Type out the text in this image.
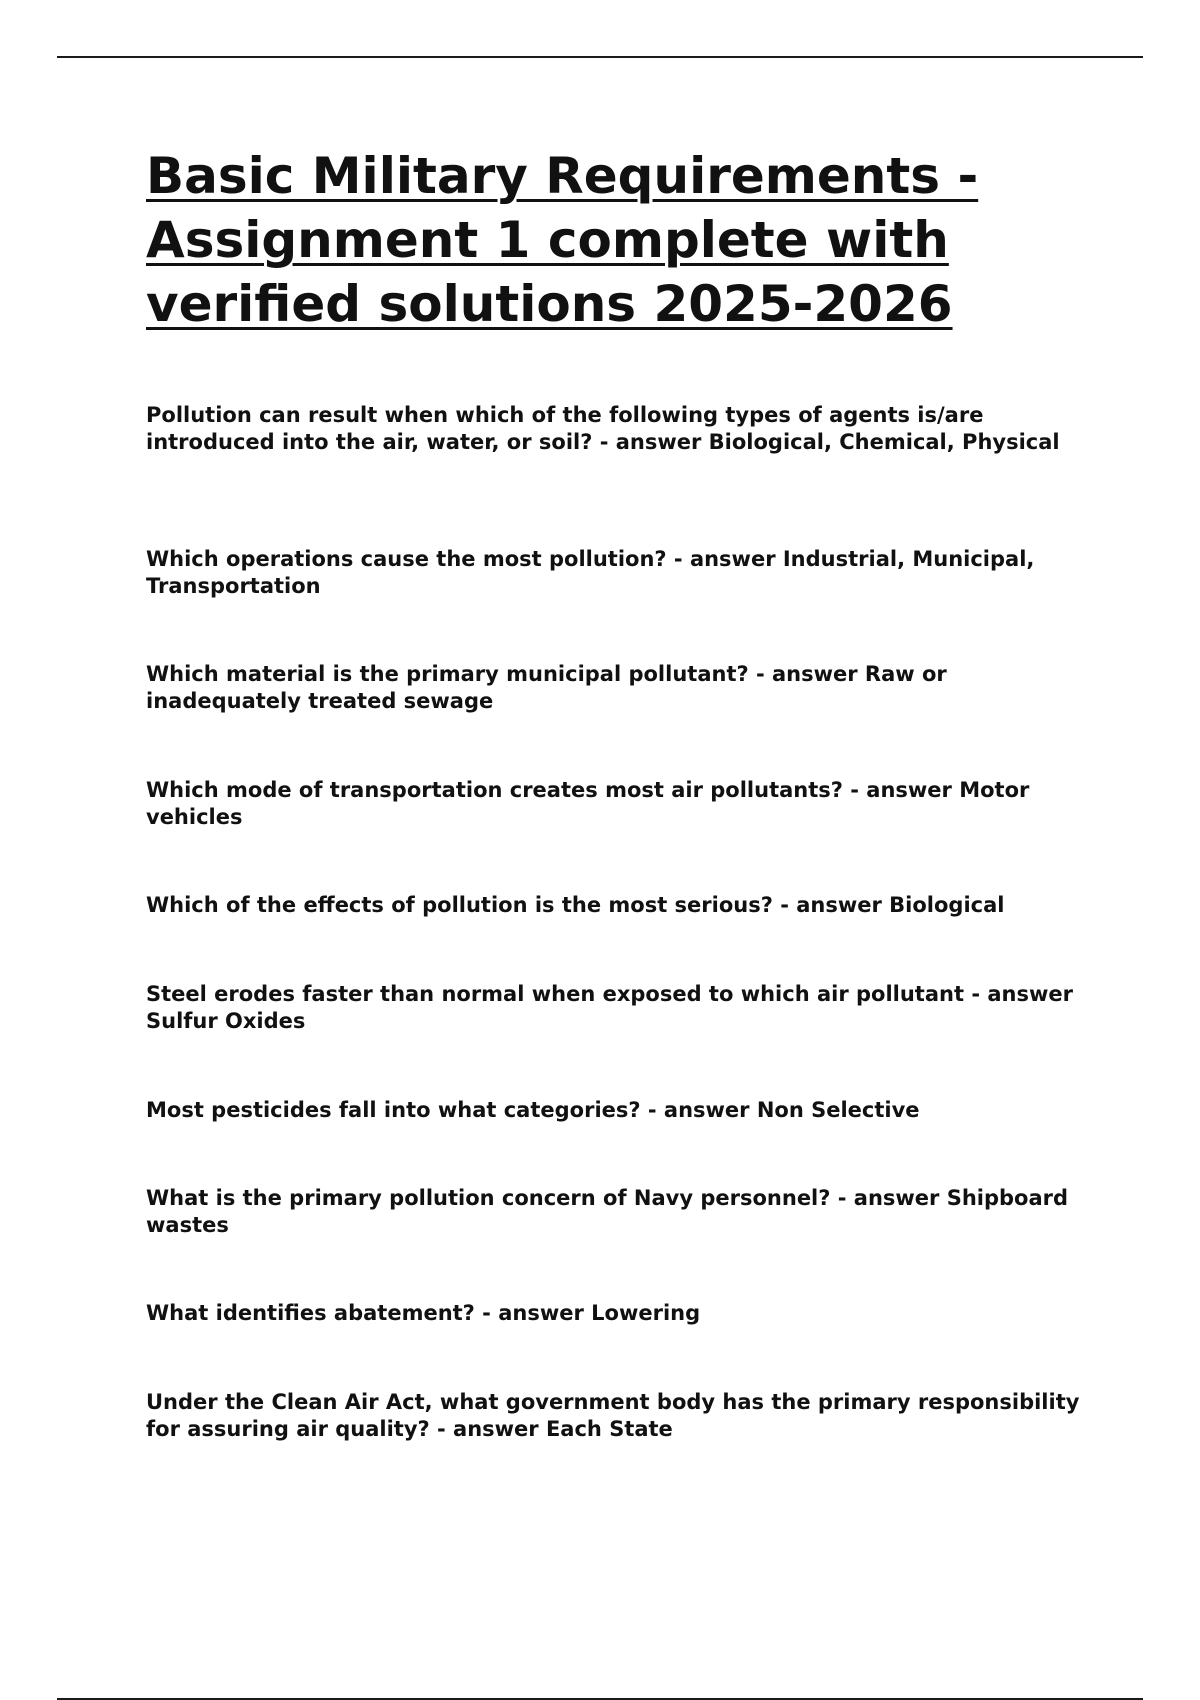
Basic Military Requirements - Assignment 1 complete with verified solutions 2025-2026
Pollution can result when which of the following types of agents is/are introduced into the air, water, or soil? - answer Biological, Chemical, Physical
Which operations cause the most pollution? - answer Industrial, Municipal, Transportation
Which material is the primary municipal pollutant? - answer Raw or inadequately treated sewage
Which mode of transportation creates most air pollutants? - answer Motor vehicles
Which of the effects of pollution is the most serious? - answer Biological
Steel erodes faster than normal when exposed to which air pollutant - answer Sulfur Oxides
Most pesticides fall into what categories? - answer Non Selective
What is the primary pollution concern of Navy personnel? - answer Shipboard wastes
What identifies abatement? - answer Lowering
Under the Clean Air Act, what government body has the primary responsibility for assuring air quality? - answer Each State
